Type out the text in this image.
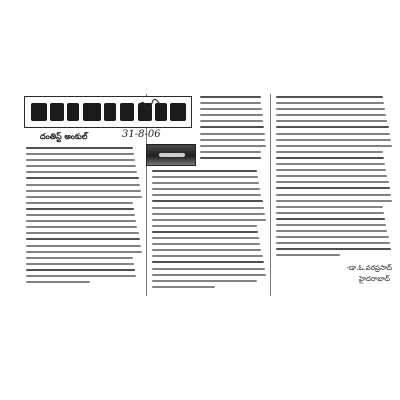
దంతిస్ట్ అంకుల్	31-8-06
-డా.ఓ.వరప్రసాద్
హైదరాబాద్
